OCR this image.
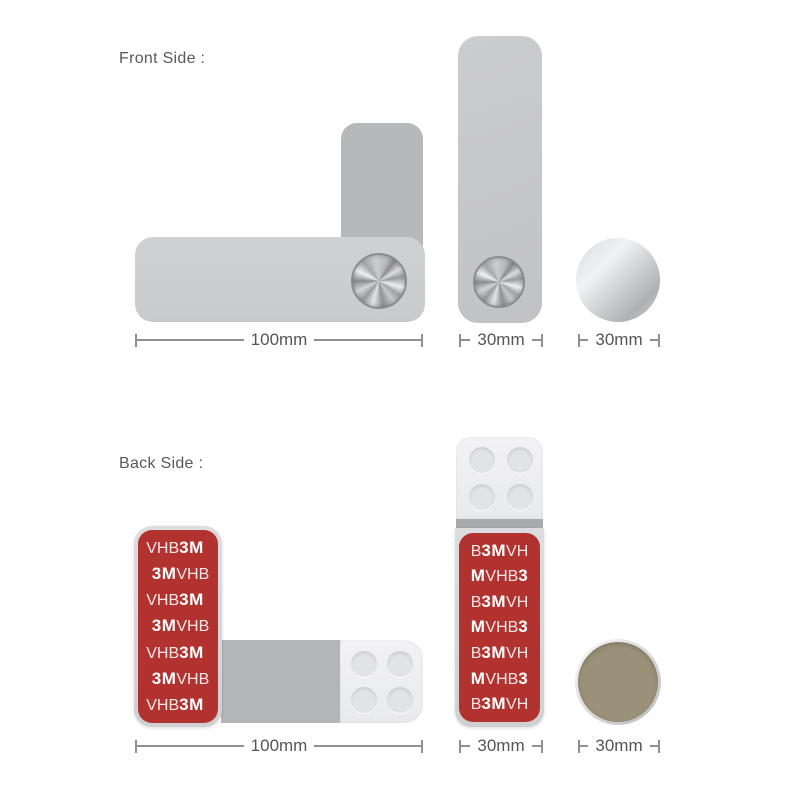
Front Side :
100mm	30mm	30mm
Back Side :
VHB 3M
3M VHB
VHB 3M
3M VHB
VHB 3M
3M VHB
VHB 3M
B 3M VH
M VHB 3
B 3M VH
M VHB 3
B 3M VH
M VHB 3
B 3M VH
100mm	30mm	30mm
